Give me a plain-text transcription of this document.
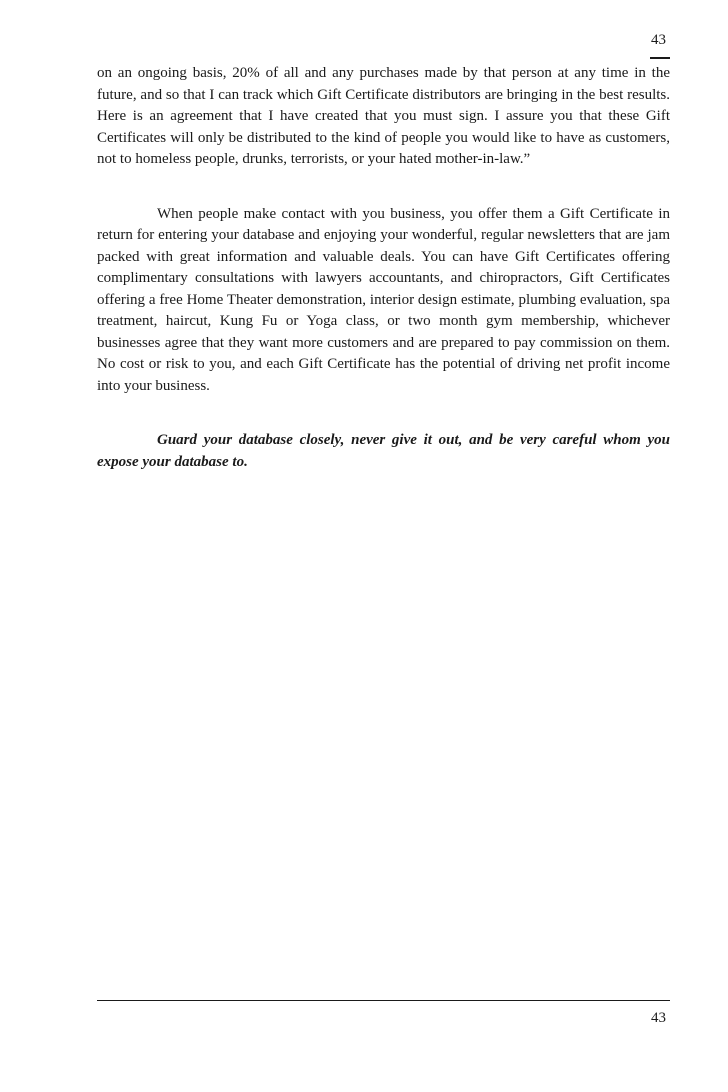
43

on an ongoing basis, 20% of all and any purchases made by that person at any time in the future, and so that I can track which Gift Certificate distributors are bringing in the best results. Here is an agreement that I have created that you must sign. I assure you that these Gift Certificates will only be distributed to the kind of people you would like to have as customers, not to homeless people, drunks, terrorists, or your hated mother-in-law.”

When people make contact with you business, you offer them a Gift Certificate in return for entering your database and enjoying your wonderful, regular newsletters that are jam packed with great information and valuable deals. You can have Gift Certificates offering complimentary consultations with lawyers accountants, and chiropractors, Gift Certificates offering a free Home Theater demonstration, interior design estimate, plumbing evaluation, spa treatment, haircut, Kung Fu or Yoga class, or two month gym membership, whichever businesses agree that they want more customers and are prepared to pay commission on them. No cost or risk to you, and each Gift Certificate has the potential of driving net profit income into your business.

Guard your database closely, never give it out, and be very careful whom you expose your database to.

43
